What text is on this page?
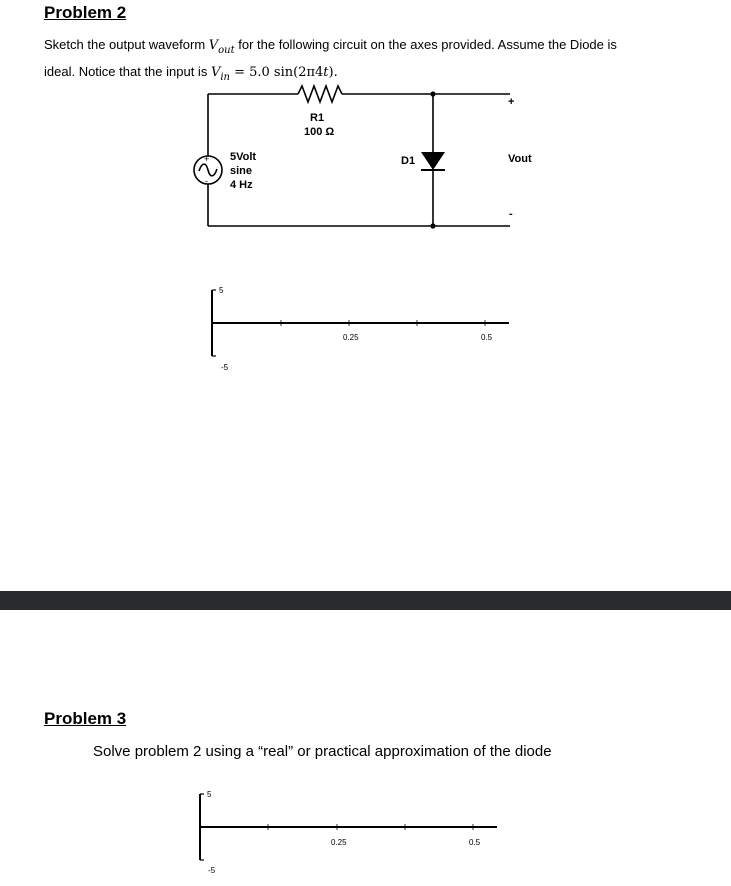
Problem 2
Sketch the output waveform $V_{out}$ for the following circuit on the axes provided. Assume the Diode is
ideal. Notice that the input is $V_{in} = 5.0$ sin(2π4t).
+
-
5Volt
sine
4 Hz
R1
100 Ω
D1
+
Vout
-
5
-5
0.25	0.5
Problem 3
Solve problem 2 using a “real” or practical approximation of the diode
5
-5
0.25	0.5
